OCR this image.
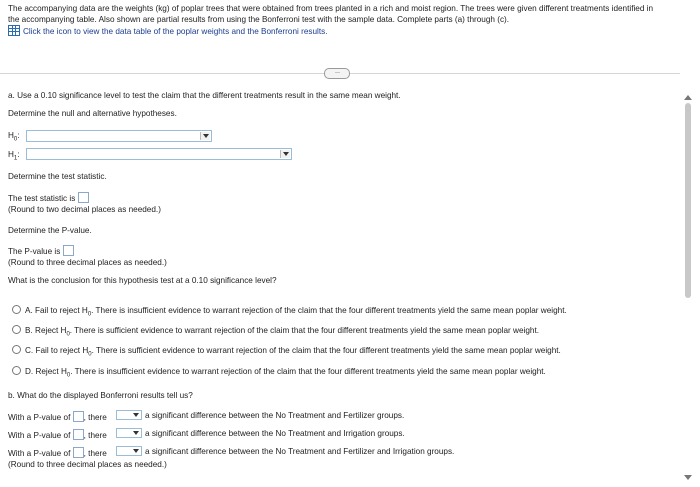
The accompanying data are the weights (kg) of poplar trees that were obtained from trees planted in a rich and moist region. The trees were given different treatments identified in
the accompanying table. Also shown are partial results from using the Bonferroni test with the sample data. Complete parts (a) through (c).
Click the icon to view the data table of the poplar weights and the Bonferroni results.
·····
a. Use a 0.10 significance level to test the claim that the different treatments result in the same mean weight.
Determine the null and alternative hypotheses.
$H_0$:
$H_1$:
Determine the test statistic.
The test statistic is
(Round to two decimal places as needed.)
Determine the P-value.
The P-value is
(Round to three decimal places as needed.)
What is the conclusion for this hypothesis test at a 0.10 significance level?
A. Fail to reject $H_0$. There is insufficient evidence to warrant rejection of the claim that the four different treatments yield the same mean poplar weight.
B. Reject $H_0$. There is sufficient evidence to warrant rejection of the claim that the four different treatments yield the same mean poplar weight.
C. Fail to reject $H_0$. There is sufficient evidence to warrant rejection of the claim that the four different treatments yield the same mean poplar weight.
D. Reject $H_0$. There is insufficient evidence to warrant rejection of the claim that the four different treatments yield the same mean poplar weight.
b. What do the displayed Bonferroni results tell us?
With a P-value of , there	a significant difference between the No Treatment and Fertilizer groups.
With a P-value of , there	a significant difference between the No Treatment and Irrigation groups.
With a P-value of , there	a significant difference between the No Treatment and Fertilizer and Irrigation groups.
(Round to three decimal places as needed.)
